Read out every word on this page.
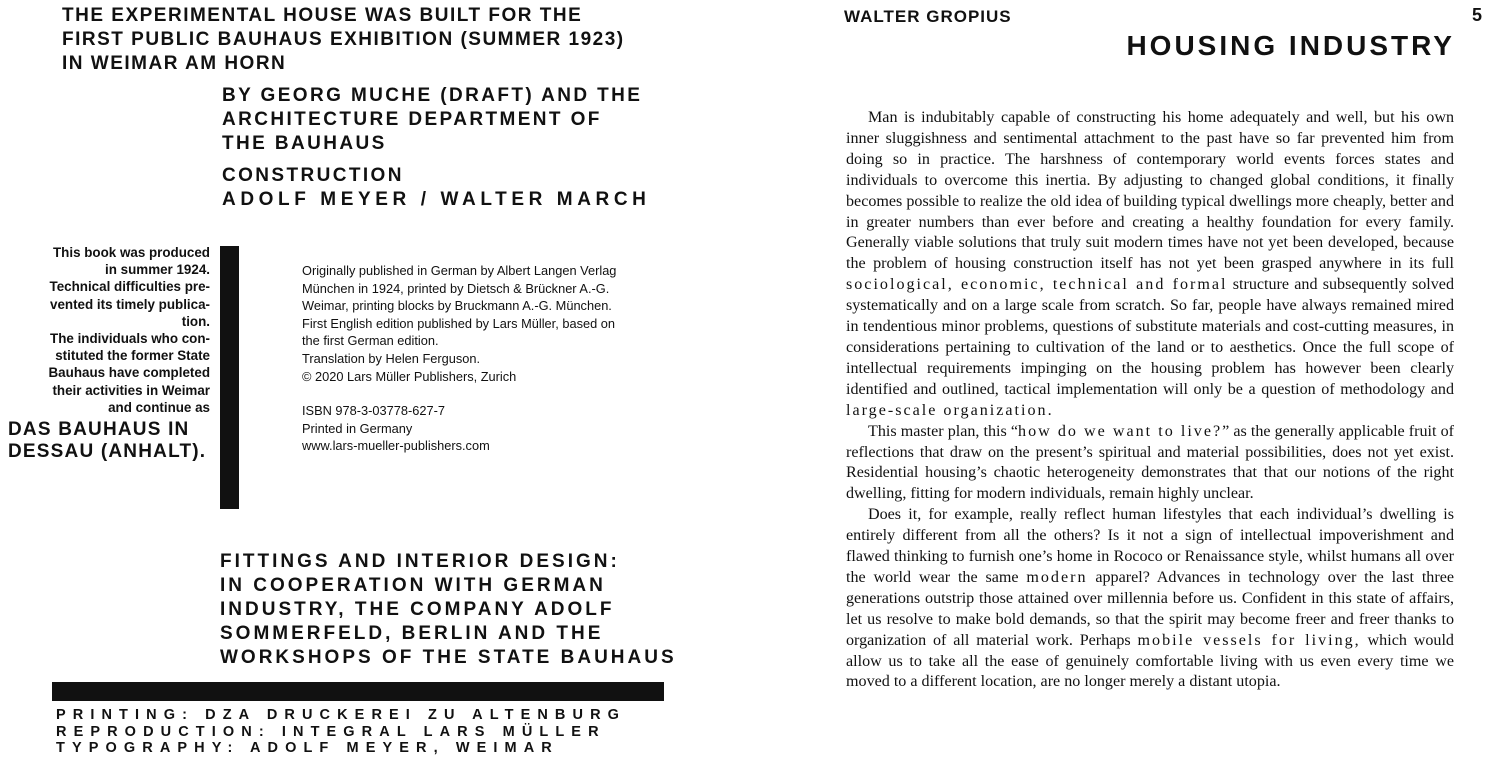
THE EXPERIMENTAL HOUSE WAS BUILT FOR THE
FIRST PUBLIC BAUHAUS EXHIBITION (SUMMER 1923)
IN WEIMAR AM HORN
BY GEORG MUCHE (DRAFT) AND THE
ARCHITECTURE DEPARTMENT OF
THE BAUHAUS
CONSTRUCTION
ADOLF MEYER / WALTER MARCH
This book was produced
in summer 1924.
Technical difficulties pre-
vented its timely publica-
tion.
The individuals who con-
stituted the former State
Bauhaus have completed
their activities in Weimar
and continue as
DAS BAUHAUS IN
DESSAU (ANHALT).
Originally published in German by Albert Langen Verlag
München in 1924, printed by Dietsch & Brückner A.-G.
Weimar, printing blocks by Bruckmann A.-G. München.
First English edition published by Lars Müller, based on
the first German edition.
Translation by Helen Ferguson.
© 2020 Lars Müller Publishers, Zurich
ISBN 978-3-03778-627-7
Printed in Germany
www.lars-mueller-publishers.com
FITTINGS AND INTERIOR DESIGN:
IN COOPERATION WITH GERMAN
INDUSTRY, THE COMPANY ADOLF
SOMMERFELD, BERLIN AND THE
WORKSHOPS OF THE STATE BAUHAUS
PRINTING: DZA DRUCKEREI ZU ALTENBURG
REPRODUCTION: INTEGRAL LARS MÜLLER
TYPOGRAPHY: ADOLF MEYER, WEIMAR
WALTER GROPIUS	5
HOUSING INDUSTRY

Man is indubitably capable of constructing his home adequately and well, but his own inner sluggishness and sentimental attachment to the past have so far prevented him from doing so in practice. The harshness of contemporary world events forces states and individuals to overcome this inertia. By adjusting to changed global conditions, it finally becomes possible to realize the old idea of building typical dwellings more cheaply, better and in greater numbers than ever before and creating a healthy foundation for every family. Generally viable solutions that truly suit modern times have not yet been developed, because the problem of housing construction itself has not yet been grasped anywhere in its full sociological, economic, technical and formal structure and subsequently solved systematically and on a large scale from scratch. So far, people have always remained mired in tendentious minor problems, questions of substitute materials and cost-cutting measures, in considerations pertaining to cultivation of the land or to aesthetics. Once the full scope of intellectual requirements impinging on the housing problem has however been clearly identified and outlined, tactical implementation will only be a question of methodology and large-scale organization.

This master plan, this “how do we want to live?” as the generally applicable fruit of reflections that draw on the present’s spiritual and material possibilities, does not yet exist. Residential housing’s chaotic heterogeneity demonstrates that that our notions of the right dwelling, fitting for modern individuals, remain highly unclear.

Does it, for example, really reflect human lifestyles that each individual’s dwelling is entirely different from all the others? Is it not a sign of intellectual impoverishment and flawed thinking to furnish one’s home in Rococo or Renaissance style, whilst humans all over the world wear the same modern apparel? Advances in technology over the last three generations outstrip those attained over millennia before us. Confident in this state of affairs, let us resolve to make bold demands, so that the spirit may become freer and freer thanks to organization of all material work. Perhaps mobile vessels for living, which would allow us to take all the ease of genuinely comfortable living with us even every time we moved to a different location, are no longer merely a distant utopia.
